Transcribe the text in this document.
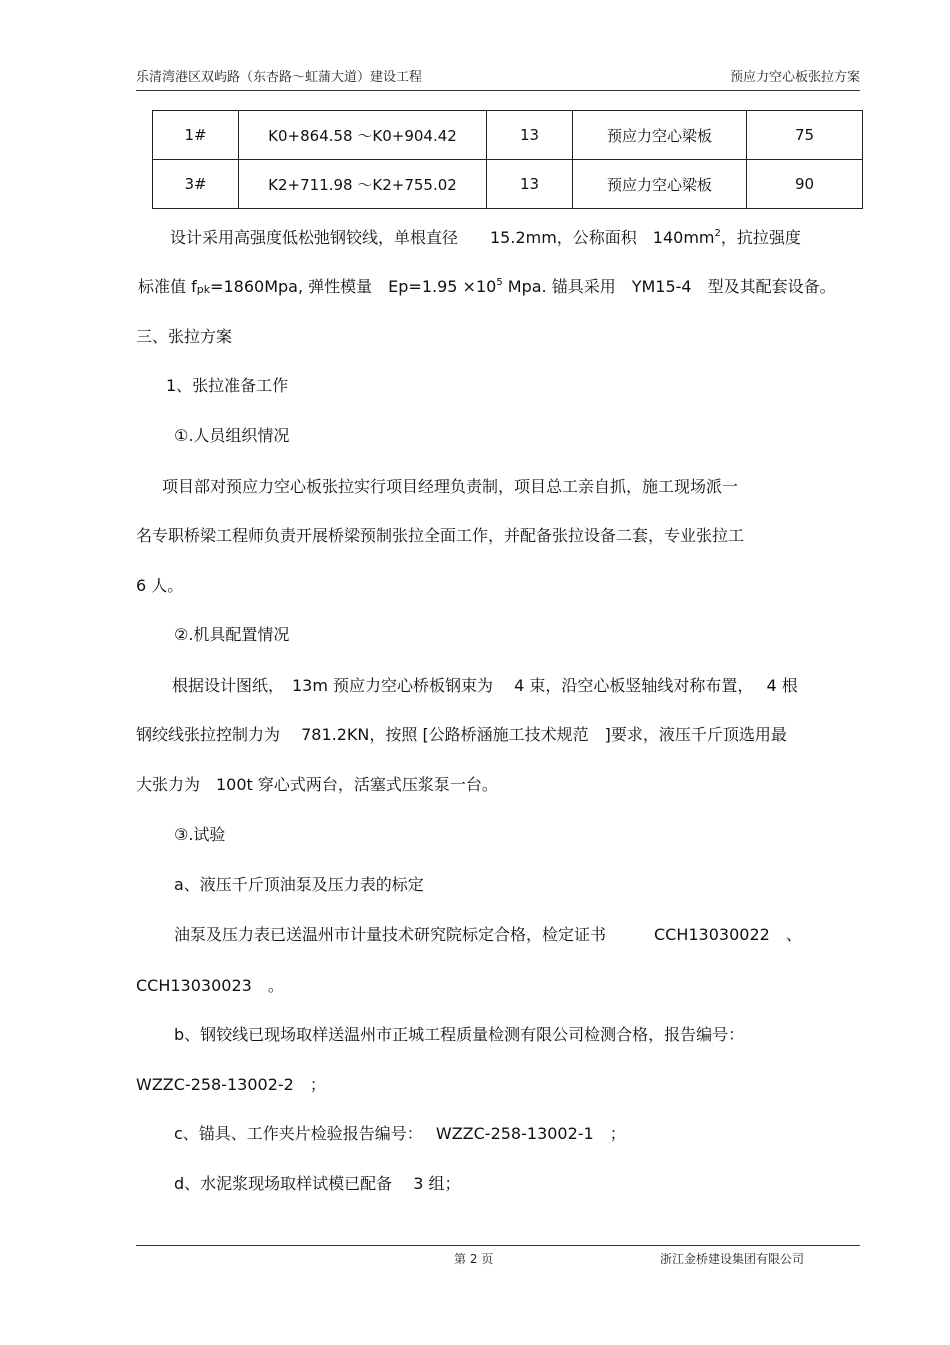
乐清湾港区双屿路（东杏路～虹蒲大道）建设工程	预应力空心板张拉方案
1#	K0+864.58 ～K0+904.42	13	预应力空心梁板	75
3#	K2+711.98 ～K2+755.02	13	预应力空心梁板	90
设计采用高强度低松弛钢铰线，单根直径　　15.2mm，公称面积　$140mm^2$，抗拉强度
标准值 $f_{pk}=1860Mpa$, 弹性模量　$Ep=1.95 \times 10^5$ Mpa. 锚具采用　YM15-4　型及其配套设备。
三、张拉方案
1、张拉准备工作
①.人员组织情况
项目部对预应力空心板张拉实行项目经理负责制，项目总工亲自抓，施工现场派一
名专职桥梁工程师负责开展桥梁预制张拉全面工作，并配备张拉设备二套，专业张拉工
6 人。
②.机具配置情况
根据设计图纸，　13m 预应力空心桥板钢束为　 4 束，沿空心板竖轴线对称布置，　 4 根
钢绞线张拉控制力为　 781.2KN，按照 [公路桥涵施工技术规范　]要求，液压千斤顶选用最
大张力为　100t 穿心式两台，活塞式压浆泵一台。
③.试验
a、液压千斤顶油泵及压力表的标定
油泵及压力表已送温州市计量技术研究院标定合格，检定证书　　　CCH13030022　、
CCH13030023　。
b、钢铰线已现场取样送温州市正城工程质量检测有限公司检测合格，报告编号：
WZZC-258-13002-2　；
c、锚具、工作夹片检验报告编号：　 WZZC-258-13002-1　；
d、水泥浆现场取样试模已配备　 3 组；
第 2 页	浙江金桥建设集团有限公司
